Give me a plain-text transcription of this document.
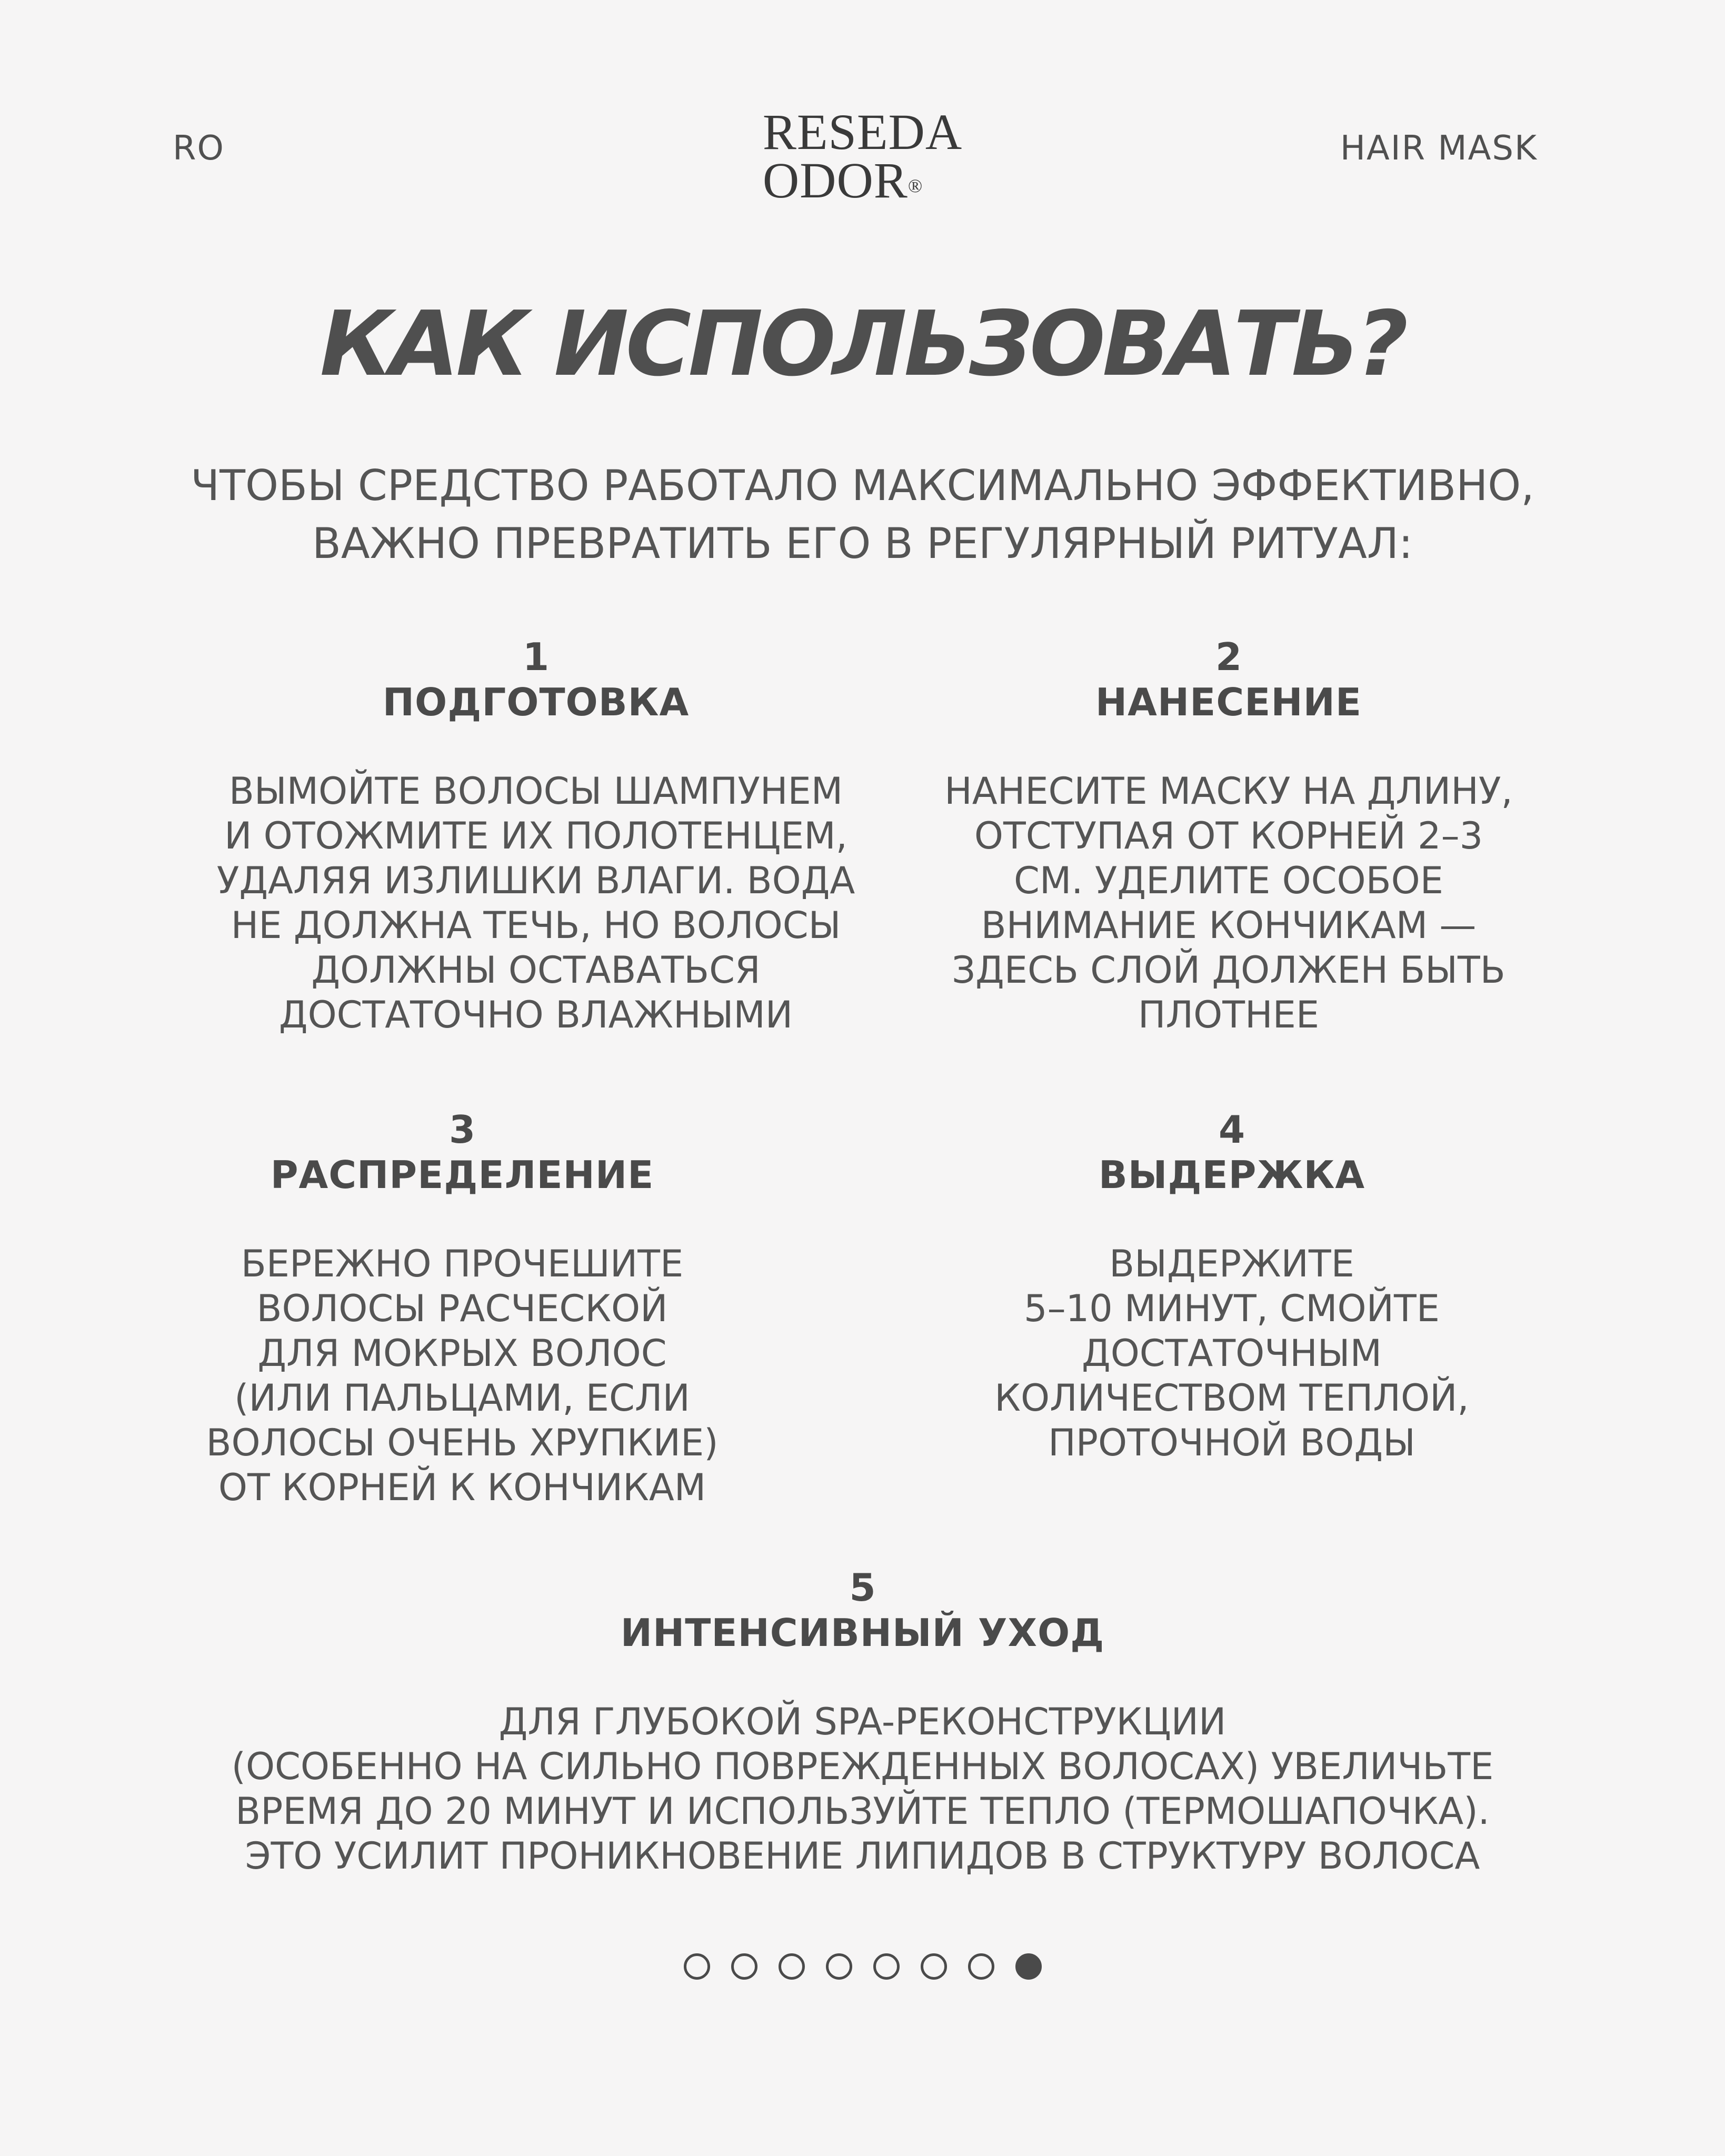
RO	RESEDA
ODOR®
HAIR MASK
КАК ИСПОЛЬЗОВАТЬ?
ЧТОБЫ СРЕДСТВО РАБОТАЛО МАКСИМАЛЬНО ЭФФЕКТИВНО,
ВАЖНО ПРЕВРАТИТЬ ЕГО В РЕГУЛЯРНЫЙ РИТУАЛ:
1
ПОДГОТОВКА
ВЫМОЙТЕ ВОЛОСЫ ШАМПУНЕМ
И ОТОЖМИТЕ ИХ ПОЛОТЕНЦЕМ,
УДАЛЯЯ ИЗЛИШКИ ВЛАГИ. ВОДА
НЕ ДОЛЖНА ТЕЧЬ, НО ВОЛОСЫ
ДОЛЖНЫ ОСТАВАТЬСЯ
ДОСТАТОЧНО ВЛАЖНЫМИ
2
НАНЕСЕНИЕ
НАНЕСИТЕ МАСКУ НА ДЛИНУ,
ОТСТУПАЯ ОТ КОРНЕЙ 2–3
СМ. УДЕЛИТЕ ОСОБОЕ
ВНИМАНИЕ КОНЧИКАМ —
ЗДЕСЬ СЛОЙ ДОЛЖЕН БЫТЬ
ПЛОТНЕЕ
3
РАСПРЕДЕЛЕНИЕ
БЕРЕЖНО ПРОЧЕШИТЕ
ВОЛОСЫ РАСЧЕСКОЙ
ДЛЯ МОКРЫХ ВОЛОС
(ИЛИ ПАЛЬЦАМИ, ЕСЛИ
ВОЛОСЫ ОЧЕНЬ ХРУПКИЕ)
ОТ КОРНЕЙ К КОНЧИКАМ
4
ВЫДЕРЖКА
ВЫДЕРЖИТЕ
5–10 МИНУТ, СМОЙТЕ
ДОСТАТОЧНЫМ
КОЛИЧЕСТВОМ ТЕПЛОЙ,
ПРОТОЧНОЙ ВОДЫ
5
ИНТЕНСИВНЫЙ УХОД
ДЛЯ ГЛУБОКОЙ SPA-РЕКОНСТРУКЦИИ
(ОСОБЕННО НА СИЛЬНО ПОВРЕЖДЕННЫХ ВОЛОСАХ) УВЕЛИЧЬТЕ
ВРЕМЯ ДО 20 МИНУТ И ИСПОЛЬЗУЙТЕ ТЕПЛО (ТЕРМОШАПОЧКА).
ЭТО УСИЛИТ ПРОНИКНОВЕНИЕ ЛИПИДОВ В СТРУКТУРУ ВОЛОСА
